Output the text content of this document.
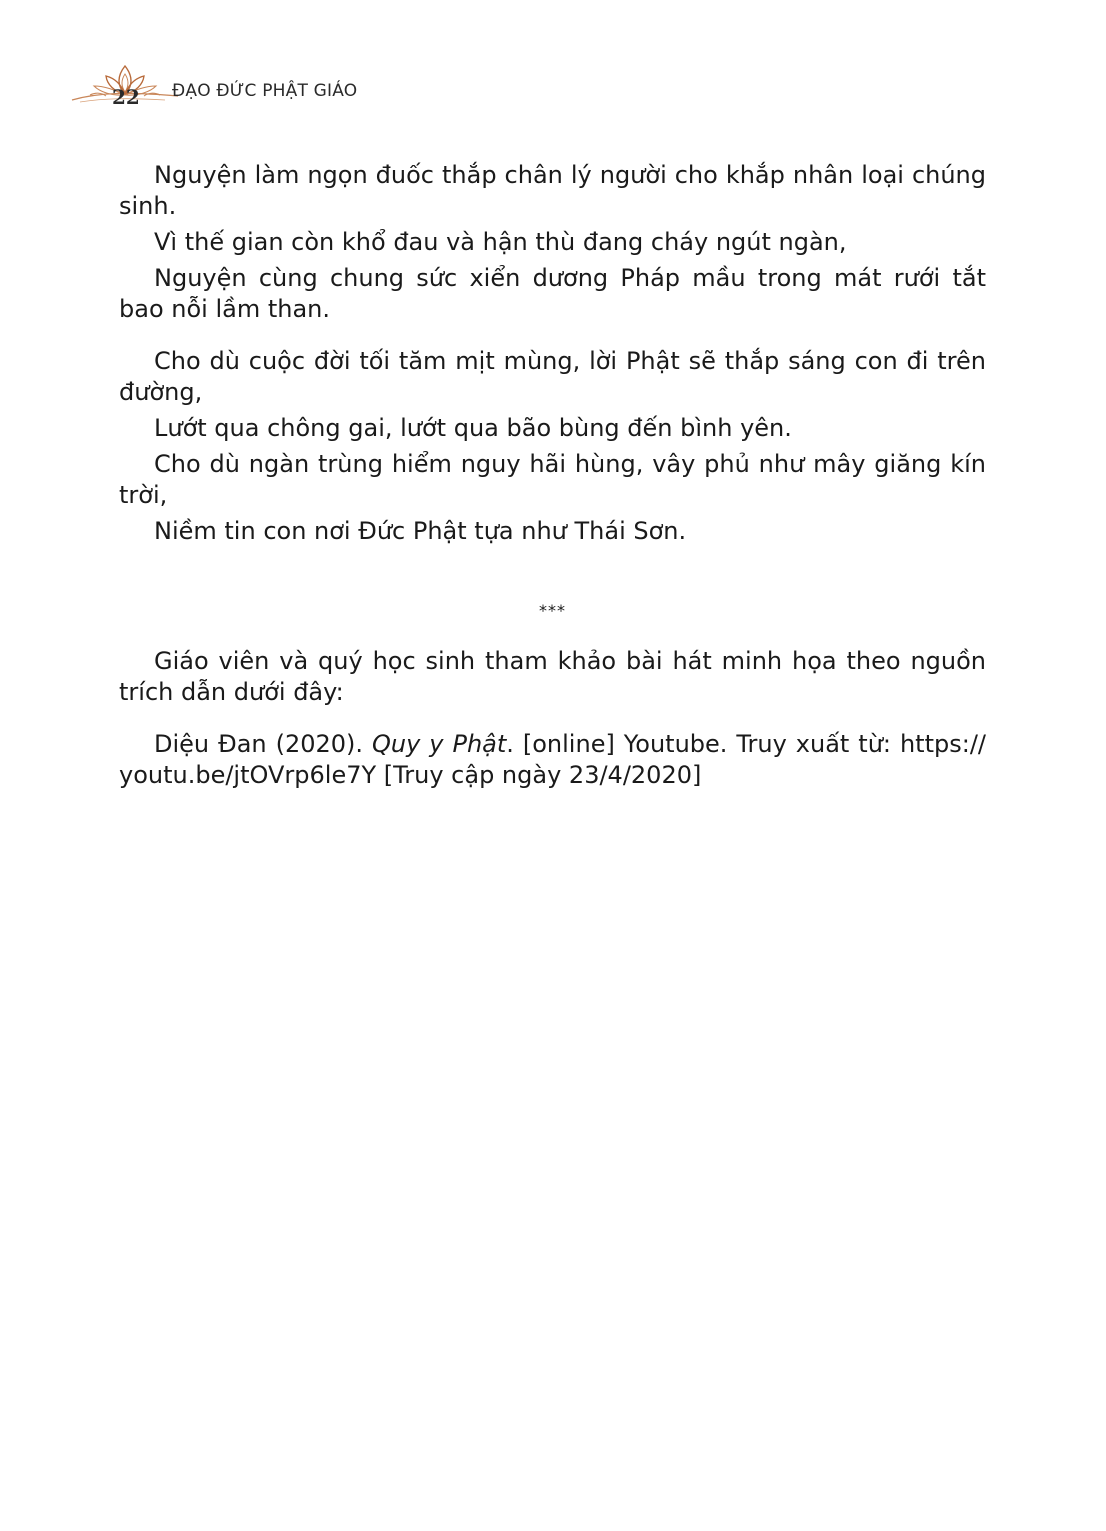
22 ĐẠO ĐỨC PHẬT GIÁO

Nguyện làm ngọn đuốc thắp chân lý người cho khắp nhân loại chúng sinh.

Vì thế gian còn khổ đau và hận thù đang cháy ngút ngàn,

Nguyện cùng chung sức xiển dương Pháp mầu trong mát rưới tắt bao nỗi lầm than.

Cho dù cuộc đời tối tăm mịt mùng, lời Phật sẽ thắp sáng con đi trên đường,

Lướt qua chông gai, lướt qua bão bùng đến bình yên.

Cho dù ngàn trùng hiểm nguy hãi hùng, vây phủ như mây giăng kín trời,

Niềm tin con nơi Đức Phật tựa như Thái Sơn.

***

Giáo viên và quý học sinh tham khảo bài hát minh họa theo nguồn trích dẫn dưới đây:

Diệu Đan (2020). Quy y Phật. [online] Youtube. Truy xuất từ: https:// youtu.be/jtOVrp6le7Y [Truy cập ngày 23/4/2020]
